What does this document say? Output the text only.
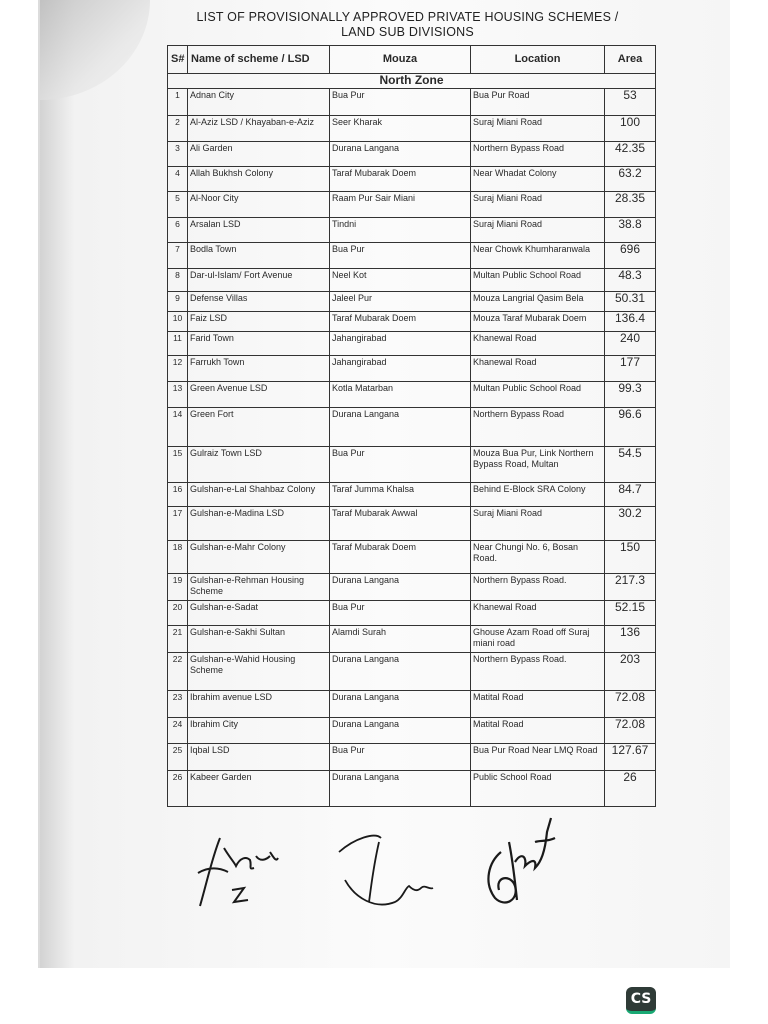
LIST OF PROVISIONALLY APPROVED PRIVATE HOUSING SCHEMES /
LAND SUB DIVISIONS
S#	Name of scheme / LSD	Mouza	Location	Area
North Zone				
1	Adnan City	Bua Pur	Bua Pur Road	53
2	Al-Aziz LSD / Khayaban-e-Aziz	Seer Kharak	Suraj Miani Road	100
3	Ali Garden	Durana Langana	Northern Bypass Road	42.35
4	Allah Bukhsh Colony	Taraf Mubarak Doem	Near Whadat Colony	63.2
5	Al-Noor City	Raam Pur Sair Miani	Suraj Miani Road	28.35
6	Arsalan LSD	Tindni	Suraj Miani Road	38.8
7	Bodla Town	Bua Pur	Near Chowk Khumharanwala	696
8	Dar-ul-Islam/ Fort Avenue	Neel Kot	Multan Public School Road	48.3
9	Defense Villas	Jaleel Pur	Mouza Langrial Qasim Bela	50.31
10	Faiz LSD	Taraf Mubarak Doem	Mouza Taraf Mubarak Doem	136.4
11	Farid Town	Jahangirabad	Khanewal Road	240
12	Farrukh Town	Jahangirabad	Khanewal Road	177
13	Green Avenue LSD	Kotla Matarban	Multan Public School Road	99.3
14	Green Fort	Durana Langana	Northern Bypass Road	96.6
15	Gulraiz Town LSD	Bua Pur	Mouza Bua Pur, Link Northern Bypass Road, Multan	54.5
16	Gulshan-e-Lal Shahbaz Colony	Taraf Jumma Khalsa	Behind E-Block SRA Colony	84.7
17	Gulshan-e-Madina LSD	Taraf Mubarak Awwal	Suraj Miani Road	30.2
18	Gulshan-e-Mahr Colony	Taraf Mubarak Doem	Near Chungi No. 6, Bosan Road.	150
19	Gulshan-e-Rehman Housing Scheme	Durana Langana	Northern Bypass Road.	217.3
20	Gulshan-e-Sadat	Bua Pur	Khanewal Road	52.15
21	Gulshan-e-Sakhi Sultan	Alamdi Surah	Ghouse Azam Road off Suraj miani road	136
22	Gulshan-e-Wahid Housing Scheme	Durana Langana	Northern Bypass Road.	203
23	Ibrahim avenue LSD	Durana Langana	Matital Road	72.08
24	Ibrahim City	Durana Langana	Matital Road	72.08
25	Iqbal LSD	Bua Pur	Bua Pur Road Near LMQ Road	127.67
26	Kabeer Garden	Durana Langana	Public School Road	26
CS
